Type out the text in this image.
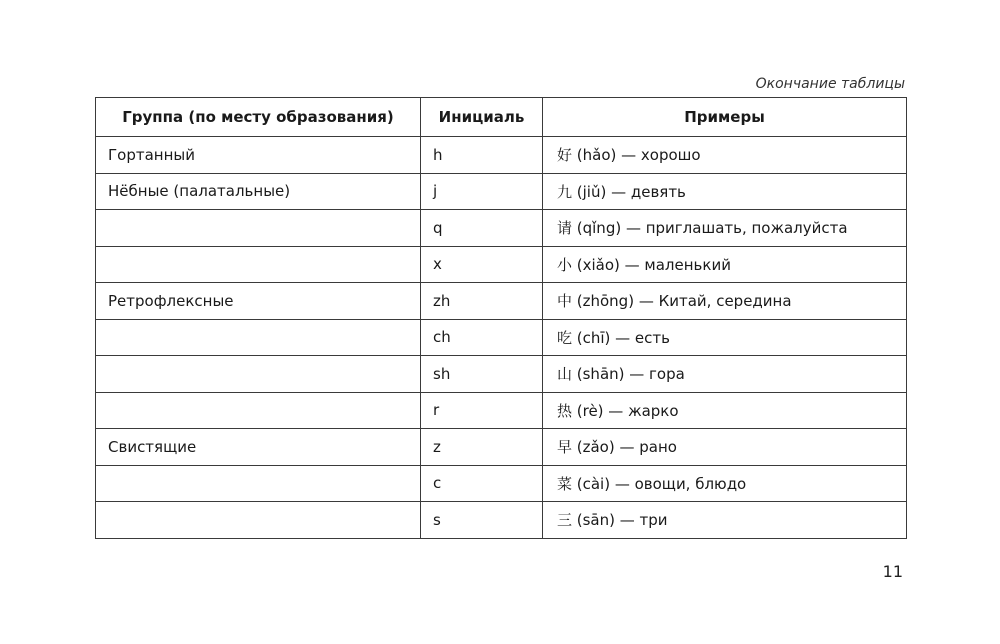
Окончание таблицы
Группа (по месту образования)	Инициаль	Примеры
Гортанный	h	好 (hǎo) — хорошо
Нёбные (палатальные)	j	九 (jiǔ) — девять
	q	请 (qǐng) — приглашать, пожалуйста
	x	小 (xiǎo) — маленький
Ретрофлексные	zh	中 (zhōng) — Китай, середина
	ch	吃 (chī) — есть
	sh	山 (shān) — гора
	r	热 (rè) — жарко
Свистящие	z	早 (zǎo) — рано
	c	菜 (cài) — овощи, блюдо
	s	三 (sān) — три
11
